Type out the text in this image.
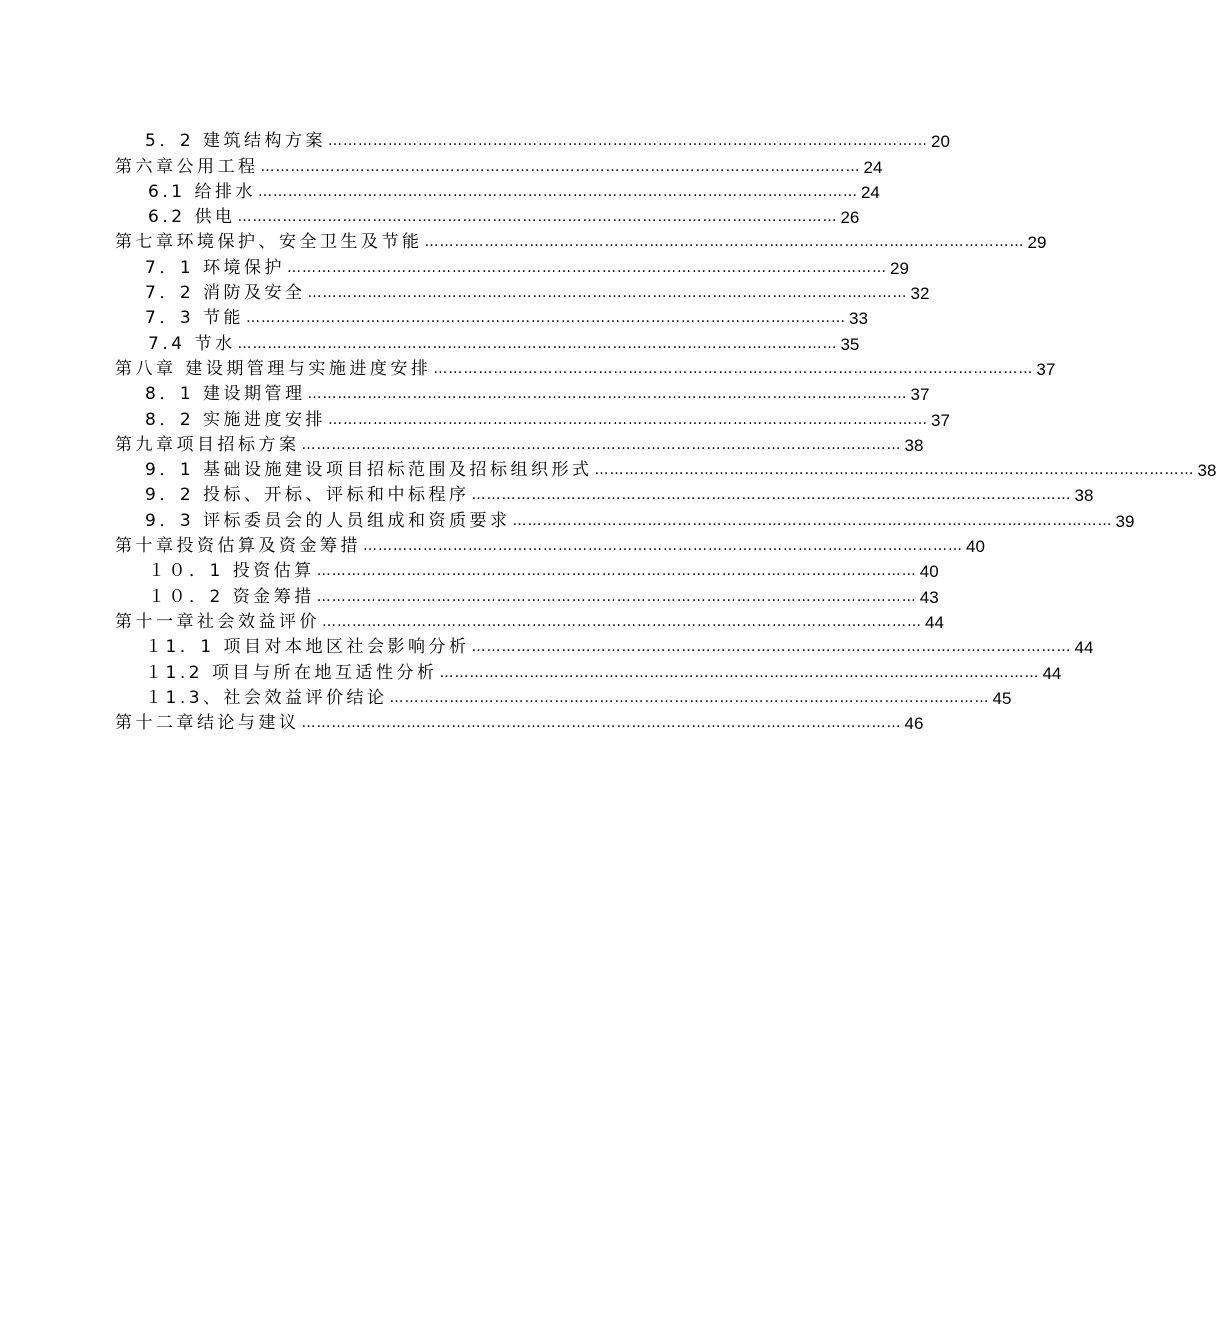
5．2 建筑结构方案 ………………………………………………………………………………………………………… 20
第六章公用工程 ………………………………………………………………………………………………………… 24
6.1 给排水 ………………………………………………………………………………………………………… 24
6.2 供电 ………………………………………………………………………………………………………… 26
第七章环境保护、安全卫生及节能 ………………………………………………………………………………………………………… 29
7．1 环境保护 ………………………………………………………………………………………………………… 29
7．2 消防及安全 ………………………………………………………………………………………………………… 32
7．3 节能 ………………………………………………………………………………………………………… 33
7.4 节水 ………………………………………………………………………………………………………… 35
第八章 建设期管理与实施进度安排 ………………………………………………………………………………………………………… 37
8．1 建设期管理 ………………………………………………………………………………………………………… 37
8．2 实施进度安排 ………………………………………………………………………………………………………… 37
第九章项目招标方案 ………………………………………………………………………………………………………… 38
9．1 基础设施建设项目招标范围及招标组织形式 ………………………………………………………………………………………………………… 38
9．2 投标、开标、评标和中标程序 ………………………………………………………………………………………………………… 38
9．3 评标委员会的人员组成和资质要求 ………………………………………………………………………………………………………… 39
第十章投资估算及资金筹措 ………………………………………………………………………………………………………… 40
１０．1 投资估算 ………………………………………………………………………………………………………… 40
１０．2 资金筹措 ………………………………………………………………………………………………………… 43
第十一章社会效益评价 ………………………………………………………………………………………………………… 44
１1．1 项目对本地区社会影响分析 ………………………………………………………………………………………………………… 44
１1.2 项目与所在地互适性分析 ………………………………………………………………………………………………………… 44
１1.3、社会效益评价结论 ………………………………………………………………………………………………………… 45
第十二章结论与建议 ………………………………………………………………………………………………………… 46
